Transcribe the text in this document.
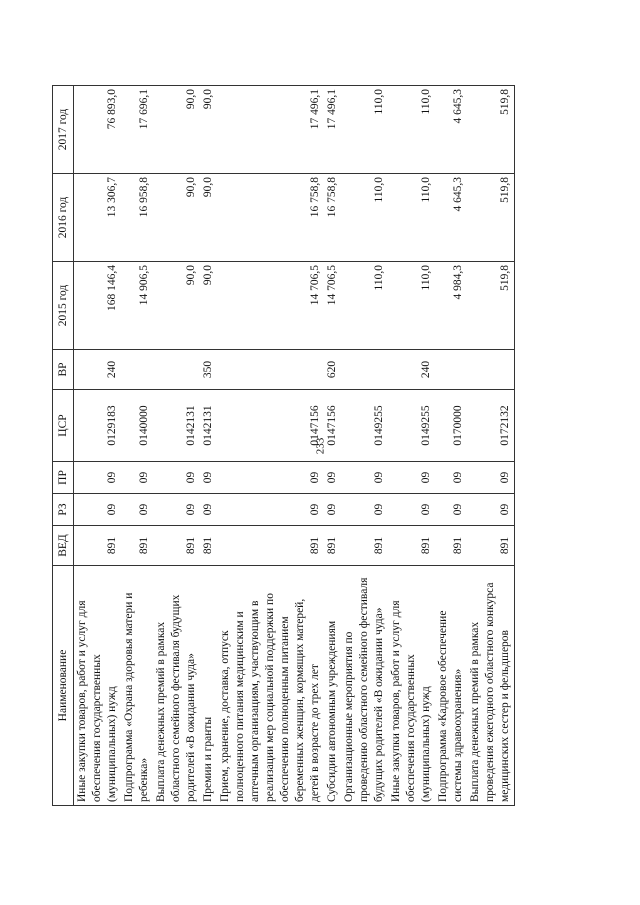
233
Наименование	ВЕД	РЗ	ПР	ЦСР	ВР	2015 год	2016 год	2017 год
Иные закупки товаров, работ и услуг для обеспечения государственных (муниципальных) нужд	891	09	09	0129183	240	168 146,4	13 306,7	76 893,0
Подпрограмма «Охрана здоровья матери и ребенка»	891	09	09	0140000		14 906,5	16 958,8	17 696,1
Выплата денежных премий в рамках областного семейного фестиваля будущих родителей «В ожидании чуда»	891	09	09	0142131		90,0	90,0	90,0
Премии и гранты	891	09	09	0142131	350	90,0	90,0	90,0
Прием, хранение, доставка, отпуск полноценного питания медицинским и аптечным организациям, участвующим в реализации мер социальной поддержки по обеспечению полноценным питанием беременных женщин, кормящих матерей, детей в возрасте до трех лет	891	09	09	0147156		14 706,5	16 758,8	17 496,1
Субсидии автономным учреждениям	891	09	09	0147156	620	14 706,5	16 758,8	17 496,1
Организационные мероприятия по проведению областного семейного фестиваля будущих родителей «В ожидании чуда»	891	09	09	0149255		110,0	110,0	110,0
Иные закупки товаров, работ и услуг для обеспечения государственных (муниципальных) нужд	891	09	09	0149255	240	110,0	110,0	110,0
Подпрограмма «Кадровое обеспечение системы здравоохранения»	891	09	09	0170000		4 984,3	4 645,3	4 645,3
Выплата денежных премий в рамках проведения ежегодного областного конкурса медицинских сестер и фельдшеров	891	09	09	0172132		519,8	519,8	519,8
